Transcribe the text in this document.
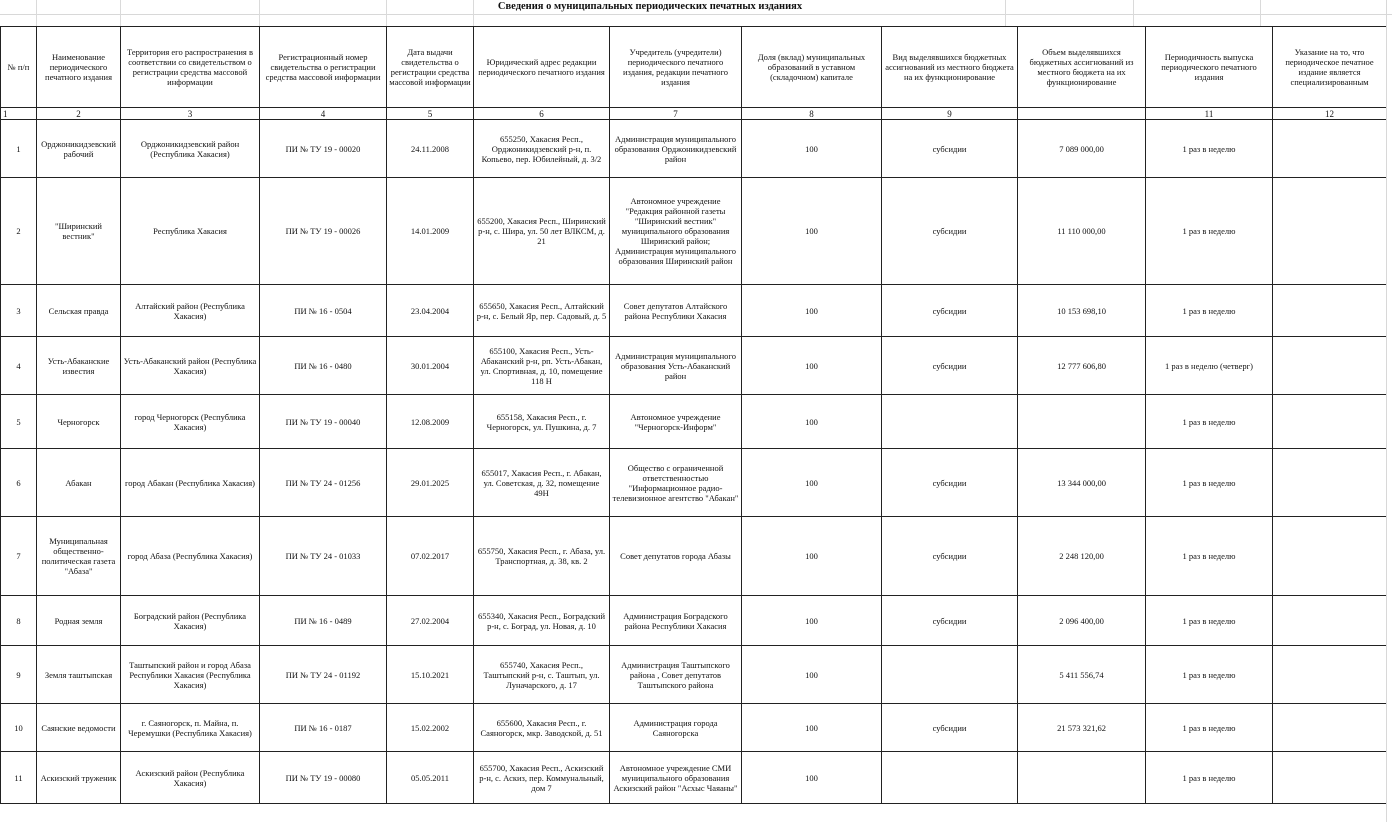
Сведения о муниципальных периодических печатных изданиях
№ п/п	Наименование периодического печатного издания	Территория его распространения в соответствии со свидетельством о регистрации средства массовой информации	Регистрационный номер свидетельства о регистрации средства массовой информации	Дата выдачи свидетельства о регистрации средства массовой информации	Юридический адрес редакции периодического печатного издания	Учредитель (учредители) периодического печатного издания, редакции печатного издания	Доля (вклад) муниципальных образований в уставном (складочном) капитале	Вид выделявшихся бюджетных ассигнований из местного бюджета на их функционирование	Объем выделявшихся бюджетных ассигнований из местного бюджета на их функционирование	Периодичность выпуска периодического печатного издания	Указание на то, что периодическое печатное издание является специализированным
1	2	3	4	5	6	7	8	9		11	12
1	Орджоникидзевский рабочий	Орджоникидзевский район (Республика Хакасия)	ПИ № ТУ 19 - 00020	24.11.2008	655250, Хакасия Респ., Орджоникидзевский р-н, п. Копьево, пер. Юбилейный, д. 3/2	Администрация муниципального образования Орджоникидзевский район	100	субсидии	7 089 000,00	1 раз в неделю	
2	"Ширинский вестник"	Республика Хакасия	ПИ № ТУ 19 - 00026	14.01.2009	655200, Хакасия Респ., Ширинский р-н, с. Шира, ул. 50 лет ВЛКСМ, д. 21	Автономное учреждение "Редакция районной газеты "Ширинский вестник" муниципального образования Ширинский район; Администрация муниципального образования Ширинский район	100	субсидии	11 110 000,00	1 раз в неделю	
3	Сельская правда	Алтайский район (Республика Хакасия)	ПИ № 16 - 0504	23.04.2004	655650, Хакасия Респ., Алтайский р-н, с. Белый Яр, пер. Садовый, д. 5	Совет депутатов Алтайского района Республики Хакасия	100	субсидии	10 153 698,10	1 раз в неделю	
4	Усть-Абаканские известия	Усть-Абаканский район (Республика Хакасия)	ПИ № 16 - 0480	30.01.2004	655100, Хакасия Респ., Усть-Абаканский р-н, рп. Усть-Абакан, ул. Спортивная, д. 10, помещение 118 Н	Администрация муниципального образования Усть-Абаканский район	100	субсидии	12 777 606,80	1 раз в неделю (четверг)	
5	Черногорск	город Черногорск (Республика Хакасия)	ПИ № ТУ 19 - 00040	12.08.2009	655158, Хакасия Респ., г. Черногорск, ул. Пушкина, д. 7	Автономное учреждение "Черногорск-Информ"	100			1 раз в неделю	
6	Абакан	город Абакан (Республика Хакасия)	ПИ № ТУ 24 - 01256	29.01.2025	655017, Хакасия Респ., г. Абакан, ул. Советская, д. 32, помещение 49Н	Общество с ограниченной ответственностью "Информационное радио-телевизионное агентство "Абакан"	100	субсидии	13 344 000,00	1 раз в неделю	
7	Муниципальная общественно-политическая газета "Абаза"	город Абаза (Республика Хакасия)	ПИ № ТУ 24 - 01033	07.02.2017	655750, Хакасия Респ., г. Абаза, ул. Транспортная, д. 38, кв. 2	Совет депутатов города Абазы	100	субсидии	2 248 120,00	1 раз в неделю	
8	Родная земля	Боградский район (Республика Хакасия)	ПИ № 16 - 0489	27.02.2004	655340, Хакасия Респ., Боградский р-н, с. Боград, ул. Новая, д. 10	Администрация Боградского района Республики Хакасия	100	субсидии	2 096 400,00	1 раз в неделю	
9	Земля таштыпская	Таштыпский район и город Абаза Республики Хакасия (Республика Хакасия)	ПИ № ТУ 24 - 01192	15.10.2021	655740, Хакасия Респ., Таштыпский р-н, с. Таштып, ул. Луначарского, д. 17	Администрация Таштыпского района , Совет депутатов Таштыпского района	100		5 411 556,74	1 раз в неделю	
10	Саянские ведомости	г. Саяногорск, п. Майна, п. Черемушки (Республика Хакасия)	ПИ № 16 - 0187	15.02.2002	655600, Хакасия Респ., г. Саяногорск, мкр. Заводской, д. 51	Администрация города Саяногорска	100	субсидии	21 573 321,62	1 раз в неделю	
11	Аскизский труженик	Аскизский район (Республика Хакасия)	ПИ № ТУ 19 - 00080	05.05.2011	655700, Хакасия Респ., Аскизский р-н, с. Аскиз, пер. Коммунальный, дом 7	Автономное учреждение СМИ муниципального образования Аскизский район "Асхыс Чаяаны"	100			1 раз в неделю	
